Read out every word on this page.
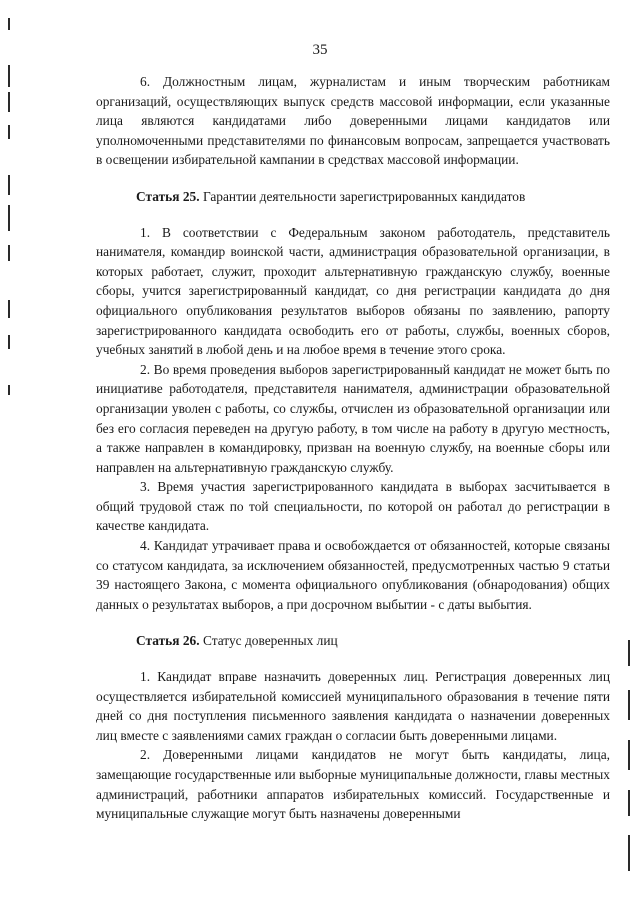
35

6. Должностным лицам, журналистам и иным творческим работникам организаций, осуществляющих выпуск средств массовой информации, если указанные лица являются кандидатами либо доверенными лицами кандидатов или уполномоченными представителями по финансовым вопросам, запрещается участвовать в освещении избирательной кампании в средствах массовой информации.

Статья 25. Гарантии деятельности зарегистрированных кандидатов

1. В соответствии с Федеральным законом работодатель, представитель нанимателя, командир воинской части, администрация образовательной организации, в которых работает, служит, проходит альтернативную гражданскую службу, военные сборы, учится зарегистрированный кандидат, со дня регистрации кандидата до дня официального опубликования результатов выборов обязаны по заявлению, рапорту зарегистрированного кандидата освободить его от работы, службы, военных сборов, учебных занятий в любой день и на любое время в течение этого срока.

2. Во время проведения выборов зарегистрированный кандидат не может быть по инициативе работодателя, представителя нанимателя, администрации образовательной организации уволен с работы, со службы, отчислен из образовательной организации или без его согласия переведен на другую работу, в том числе на работу в другую местность, а также направлен в командировку, призван на военную службу, на военные сборы или направлен на альтернативную гражданскую службу.

3. Время участия зарегистрированного кандидата в выборах засчитывается в общий трудовой стаж по той специальности, по которой он работал до регистрации в качестве кандидата.

4. Кандидат утрачивает права и освобождается от обязанностей, которые связаны со статусом кандидата, за исключением обязанностей, предусмотренных частью 9 статьи 39 настоящего Закона, с момента официального опубликования (обнародования) общих данных о результатах выборов, а при досрочном выбытии - с даты выбытия.

Статья 26. Статус доверенных лиц

1. Кандидат вправе назначить доверенных лиц. Регистрация доверенных лиц осуществляется избирательной комиссией муниципального образования в течение пяти дней со дня поступления письменного заявления кандидата о назначении доверенных лиц вместе с заявлениями самих граждан о согласии быть доверенными лицами.

2. Доверенными лицами кандидатов не могут быть кандидаты, лица, замещающие государственные или выборные муниципальные должности, главы местных администраций, работники аппаратов избирательных комиссий. Государственные и муниципальные служащие могут быть назначены доверенными
